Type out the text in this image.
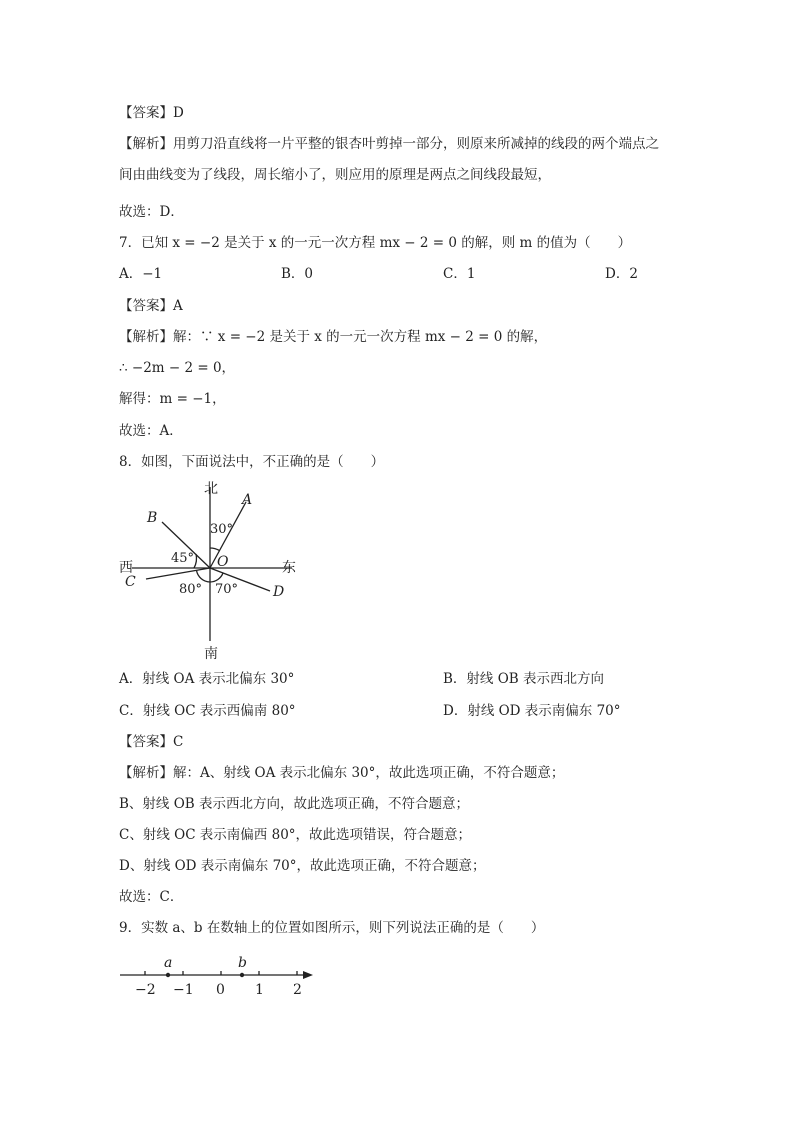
【答案】D
【解析】用剪刀沿直线将一片平整的银杏叶剪掉一部分，则原来所减掉的线段的两个端点之
间由曲线变为了线段，周长缩小了，则应用的原理是两点之间线段最短，
故选：D．
7．已知 x = −2 是关于 x 的一元一次方程 mx − 2 = 0 的解，则 m 的值为（　　）
A．−1	B．0	C．1	D．2
【答案】A
【解析】解：∵ x = −2 是关于 x 的一元一次方程 mx − 2 = 0 的解，
∴ −2m − 2 = 0，
解得：m = −1，
故选：A．
8．如图，下面说法中，不正确的是（　　）
北
南
东
西
A
B
C
D
O
30°
45°
80° 70°
A．射线 OA 表示北偏东 30°	B．射线 OB 表示西北方向
C．射线 OC 表示西偏南 80°	D．射线 OD 表示南偏东 70°
【答案】C
【解析】解：A、射线 OA 表示北偏东 30°，故此选项正确，不符合题意；
B、射线 OB 表示西北方向，故此选项正确，不符合题意；
C、射线 OC 表示南偏西 80°，故此选项错误，符合题意；
D、射线 OD 表示南偏东 70°，故此选项正确，不符合题意；
故选：C．
9．实数 a、b 在数轴上的位置如图所示，则下列说法正确的是（　　）
a	b
−2 −1 0 1 2
